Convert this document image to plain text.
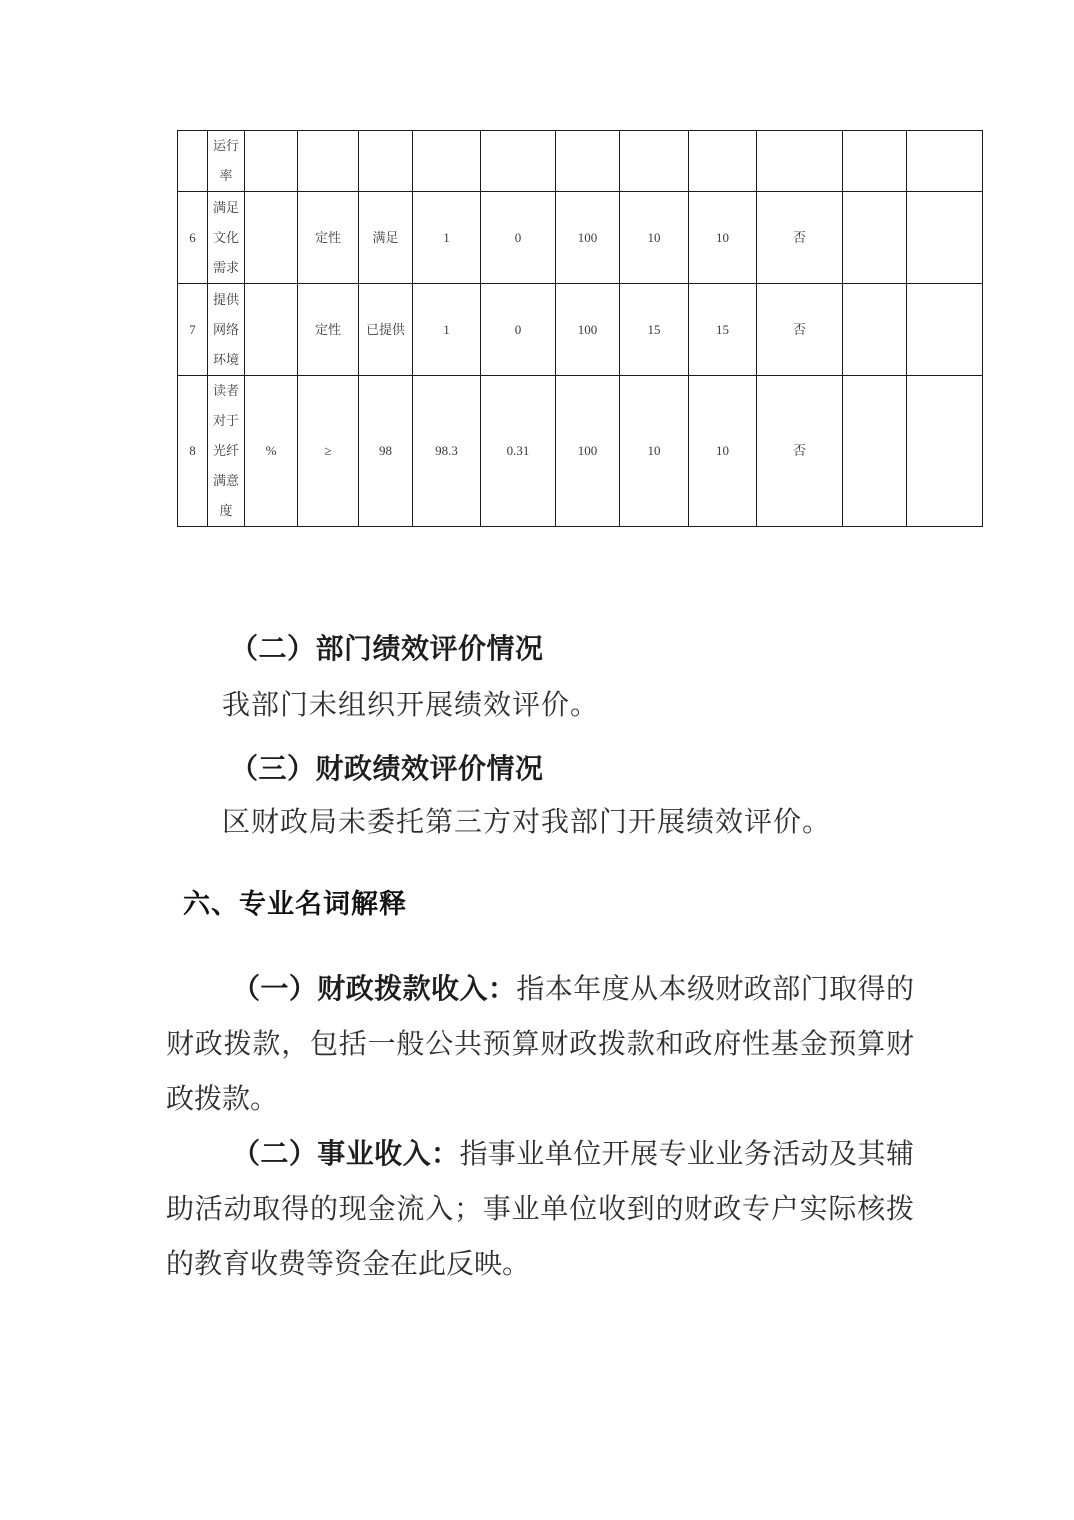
	运行率											
6	满足文化需求		定性	满足	1	0	100	10	10	否		
7	提供网络环境		定性	已提供	1	0	100	15	15	否		
8	读者对于光纤满意度	%	≥	98	98.3	0.31	100	10	10	否		
（二）部门绩效评价情况
我部门未组织开展绩效评价。
（三）财政绩效评价情况
区财政局未委托第三方对我部门开展绩效评价。
六、专业名词解释

（一）财政拨款收入：指本年度从本级财政部门取得的财政拨款，包括一般公共预算财政拨款和政府性基金预算财政拨款。

（二）事业收入：指事业单位开展专业业务活动及其辅助活动取得的现金流入；事业单位收到的财政专户实际核拨的教育收费等资金在此反映。
